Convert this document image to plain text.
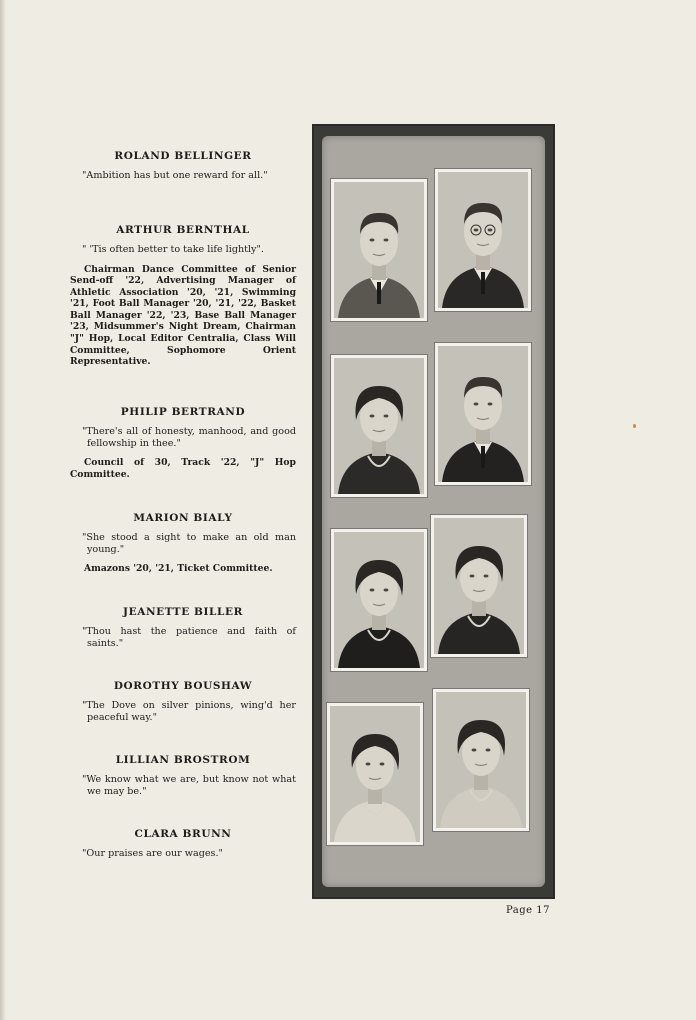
ROLAND BELLINGER
"Ambition has but one reward for all."
ARTHUR BERNTHAL
" 'Tis often better to take life lightly".
Chairman Dance Committee of Senior Send-off '22, Advertising Manager of Athletic Association '20, '21, Swimming '21, Foot Ball Manager '20, '21, '22, Basket Ball Manager '22, '23, Base Ball Manager '23, Midsummer's Night Dream, Chairman "J" Hop, Local Editor Centralia, Class Will Committee, Sophomore Orient Representative.
PHILIP BERTRAND
"There's all of honesty, manhood, and good fellowship in thee."
Council of 30, Track '22, "J" Hop Committee.
MARION BIALY
"She stood a sight to make an old man young."
Amazons '20, '21, Ticket Committee.
JEANETTE BILLER
"Thou hast the patience and faith of saints."
DOROTHY BOUSHAW
"The Dove on silver pinions, wing'd her peaceful way."
LILLIAN BROSTROM
"We know what we are, but know not what we may be."
CLARA BRUNN
"Our praises are our wages."
Page 17
